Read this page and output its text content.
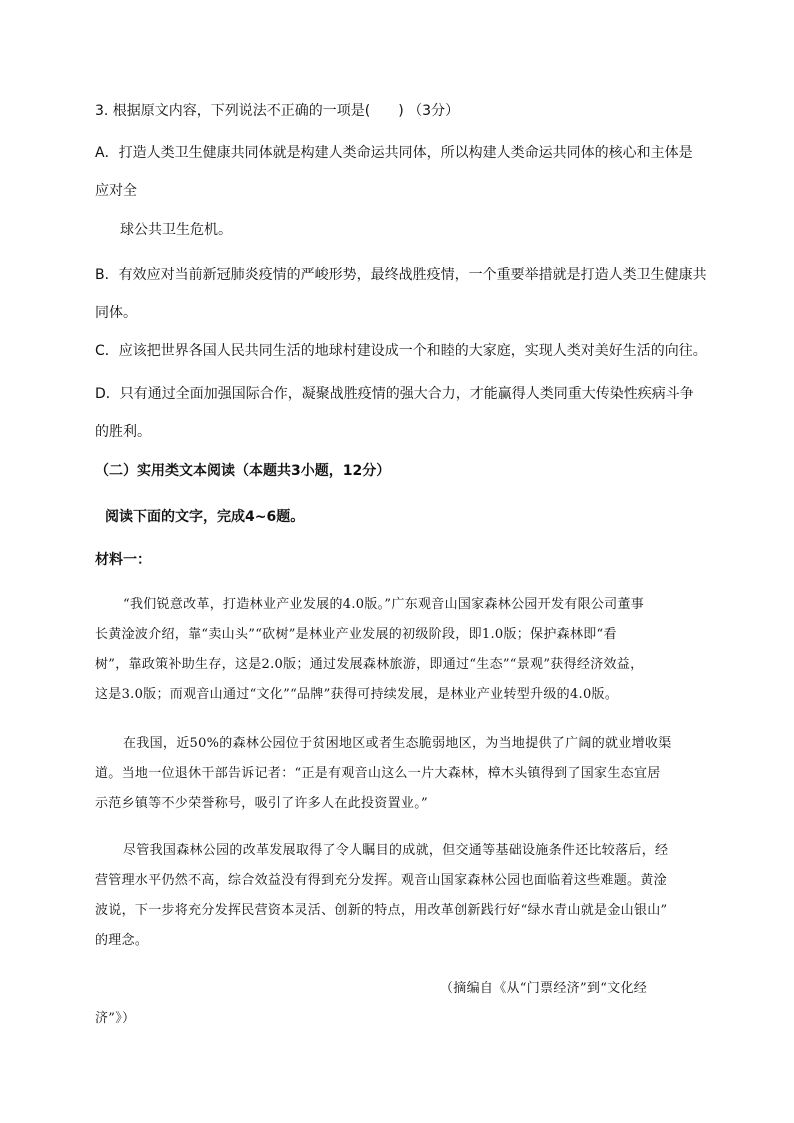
3. 根据原文内容，下列说法不正确的一项是(　　) （3分）

A．打造人类卫生健康共同体就是构建人类命运共同体，所以构建人类命运共同体的核心和主体是
应对全

球公共卫生危机。

B．有效应对当前新冠肺炎疫情的严峻形势，最终战胜疫情，一个重要举措就是打造人类卫生健康共
同体。

C．应该把世界各国人民共同生活的地球村建设成一个和睦的大家庭，实现人类对美好生活的向往。

D．只有通过全面加强国际合作，凝聚战胜疫情的强大合力，才能赢得人类同重大传染性疾病斗争
的胜利。

（二）实用类文本阅读（本题共3小题，12分）

阅读下面的文字，完成4~6题。

材料一：

“我们锐意改革，打造林业产业发展的4.0版。”广东观音山国家森林公园开发有限公司董事
长黄淦波介绍，靠“卖山头”“砍树”是林业产业发展的初级阶段，即1.0版；保护森林即“看
树”，靠政策补助生存，这是2.0版；通过发展森林旅游，即通过“生态”“景观”获得经济效益，
这是3.0版；而观音山通过“文化”“品牌”获得可持续发展，是林业产业转型升级的4.0版。
在我国，近50%的森林公园位于贫困地区或者生态脆弱地区，为当地提供了广阔的就业增收渠
道。当地一位退休干部告诉记者：“正是有观音山这么一片大森林，樟木头镇得到了国家生态宜居
示范乡镇等不少荣誉称号，吸引了许多人在此投资置业。”
尽管我国森林公园的改革发展取得了令人瞩目的成就，但交通等基础设施条件还比较落后，经
营管理水平仍然不高，综合效益没有得到充分发挥。观音山国家森林公园也面临着这些难题。黄淦
波说，下一步将充分发挥民营资本灵活、创新的特点，用改革创新践行好“绿水青山就是金山银山”
的理念。

（摘编自《从“门票经济”到“文化经

济”》）
